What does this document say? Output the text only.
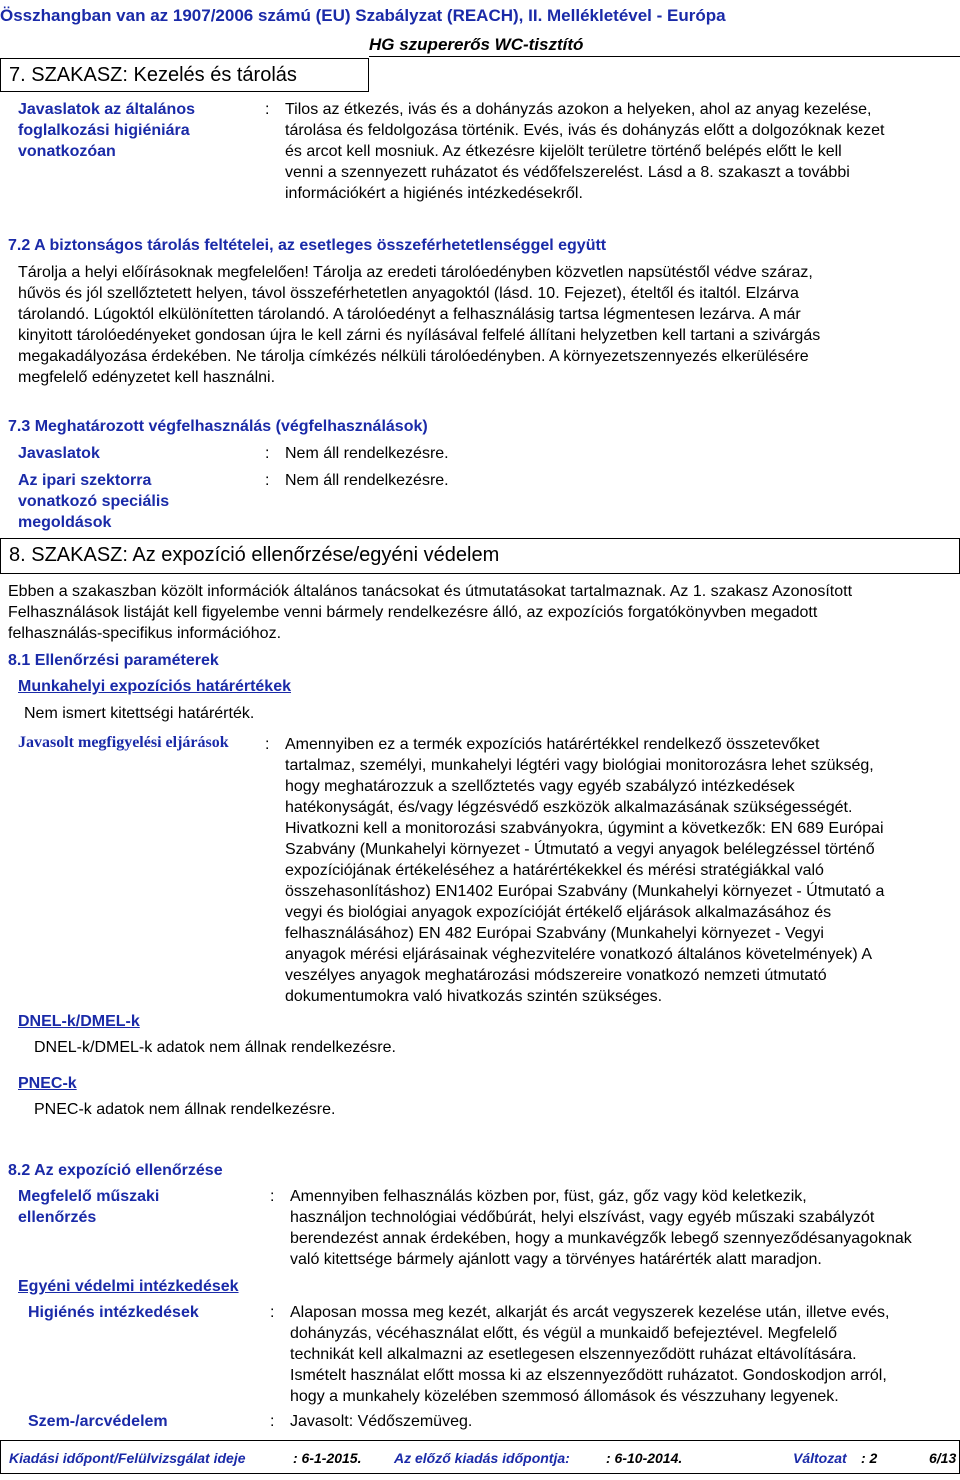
Összhangban van az 1907/2006 számú (EU) Szabályzat (REACH), II. Mellékletével - Európa
HG szupererős WC-tisztító
7. SZAKASZ: Kezelés és tárolás
Javaslatok az általános
foglalkozási higiéniára
vonatkozóan
: Tilos az étkezés, ivás és a dohányzás azokon a helyeken, ahol az anyag kezelése,
tárolása és feldolgozása történik. Evés, ivás és dohányzás előtt a dolgozóknak kezet
és arcot kell mosniuk. Az étkezésre kijelölt területre történő belépés előtt le kell
venni a szennyezett ruházatot és védőfelszerelést. Lásd a 8. szakaszt a további
információkért a higiénés intézkedésekről.
7.2 A biztonságos tárolás feltételei, az esetleges összeférhetetlenséggel együtt
Tárolja a helyi előírásoknak megfelelően! Tárolja az eredeti tárolóedényben közvetlen napsütéstől védve száraz,
hűvös és jól szellőztetett helyen, távol összeférhetetlen anyagoktól (lásd. 10. Fejezet), ételtől és italtól. Elzárva
tárolandó. Lúgoktól elkülönítetten tárolandó. A tárolóedényt a felhasználásig tartsa légmentesen lezárva. A már
kinyitott tárolóedényeket gondosan újra le kell zárni és nyílásával felfelé állítani helyzetben kell tartani a szivárgás
megakadályozása érdekében. Ne tárolja címkézés nélküli tárolóedényben. A környezetszennyezés elkerülésére
megfelelő edényzetet kell használni.
7.3 Meghatározott végfelhasználás (végfelhasználások)
Javaslatok	: Nem áll rendelkezésre.
Az ipari szektorra
vonatkozó speciális
megoldások
: Nem áll rendelkezésre.
8. SZAKASZ: Az expozíció ellenőrzése/egyéni védelem
Ebben a szakaszban közölt információk általános tanácsokat és útmutatásokat tartalmaznak. Az 1. szakasz Azonosított
Felhasználások listáját kell figyelembe venni bármely rendelkezésre álló, az expozíciós forgatókönyvben megadott
felhasználás-specifikus információhoz.
8.1 Ellenőrzési paraméterek
Munkahelyi expozíciós határértékek
Nem ismert kitettségi határérték.
Javasolt megfigyelési eljárások : Amennyiben ez a termék expozíciós határértékkel rendelkező összetevőket
tartalmaz, személyi, munkahelyi légtéri vagy biológiai monitorozásra lehet szükség,
hogy meghatározzuk a szellőztetés vagy egyéb szabályzó intézkedések
hatékonyságát, és/vagy légzésvédő eszközök alkalmazásának szükségességét.
Hivatkozni kell a monitorozási szabványokra, úgymint a következők: EN 689 Európai
Szabvány (Munkahelyi környezet - Útmutató a vegyi anyagok belélegzéssel történő
expozíciójának értékeléséhez a határértékekkel és mérési stratégiákkal való
összehasonlításhoz) EN1402 Európai Szabvány (Munkahelyi környezet - Útmutató a
vegyi és biológiai anyagok expozícióját értékelő eljárások alkalmazásához és
felhasználásához) EN 482 Európai Szabvány (Munkahelyi környezet - Vegyi
anyagok mérési eljárásainak véghezvitelére vonatkozó általános követelmények) A
veszélyes anyagok meghatározási módszereire vonatkozó nemzeti útmutató
dokumentumokra való hivatkozás szintén szükséges.
DNEL-k/DMEL-k
DNEL-k/DMEL-k adatok nem állnak rendelkezésre.
PNEC-k
PNEC-k adatok nem állnak rendelkezésre.
8.2 Az expozíció ellenőrzése
Megfelelő műszaki
ellenőrzés
: Amennyiben felhasználás közben por, füst, gáz, gőz vagy köd keletkezik,
használjon technológiai védőbúrát, helyi elszívást, vagy egyéb műszaki szabályzót
berendezést annak érdekében, hogy a munkavégzők lebegő szennyeződésanyagoknak
való kitettsége bármely ajánlott vagy a törvényes határérték alatt maradjon.
Egyéni védelmi intézkedések
Higiénés intézkedések	: Alaposan mossa meg kezét, alkarját és arcát vegyszerek kezelése után, illetve evés,
dohányzás, vécéhasználat előtt, és végül a munkaidő befejeztével. Megfelelő
technikát kell alkalmazni az esetlegesen elszennyeződött ruházat eltávolítására.
Ismételt használat előtt mossa ki az elszennyeződött ruházatot. Gondoskodjon arról,
hogy a munkahely közelében szemmosó állomások és vészzuhany legyenek.
Szem-/arcvédelem	: Javasolt: Védőszemüveg.
Kiadási időpont/Felülvizsgálat ideje	: 6-1-2015. Az előző kiadás időpontja:	: 6-10-2014.	Változat : 2	6/13
